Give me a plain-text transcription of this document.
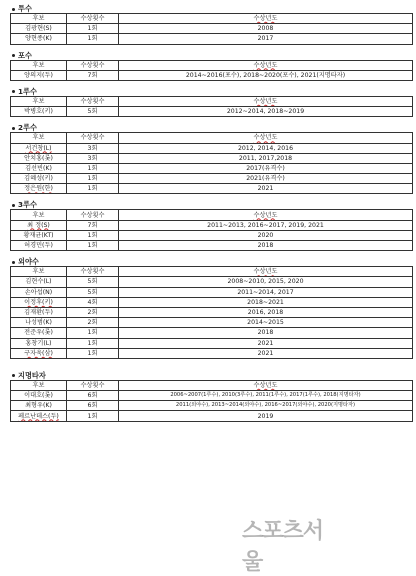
투수
후보	수상횟수	수상년도
김광현(S)	1회	2008
양현종(K)	1회	2017
포수
후보	수상횟수	수상년도
양의지(두)	7회	2014~2016(포수), 2018~2020(포수), 2021(지명타자)
1루수
후보	수상횟수	수상년도
박병호(키)	5회	2012~2014, 2018~2019
2루수
후보	수상횟수	수상년도
서건창(L)	3회	2012, 2014, 2016
안치홍(롯)	3회	2011, 2017,2018
김선빈(K)	1회	2017(유격수)
김혜성(키)	1회	2021(유격수)
정은원(한)	1회	2021
3루수
후보	수상횟수	수상년도
최 정(S)	7회	2011~2013, 2016~2017, 2019, 2021
황재균(KT)	1회	2020
허경민(두)	1회	2018
외야수
후보	수상횟수	수상년도
김현수(L)	5회	2008~2010, 2015, 2020
손아섭(N)	5회	2011~2014, 2017
이정후(키)	4회	2018~2021
김재환(두)	2회	2016, 2018
나성범(K)	2회	2014~2015
전준우(롯)	1회	2018
홍창기(L)	1회	2021
구자욱(삼)	1회	2021
지명타자
후보	수상횟수	수상년도
이대호(롯)	6회	2006~2007(1루수), 2010(3루수), 2011(1루수), 2017(1루수), 2018(지명타자)
최형우(K)	6회	2011(외야수), 2013~2014(외야수), 2016~2017(외야수), 2020(지명타자)
페르난데스(두)	1회	2019
스포츠서울
